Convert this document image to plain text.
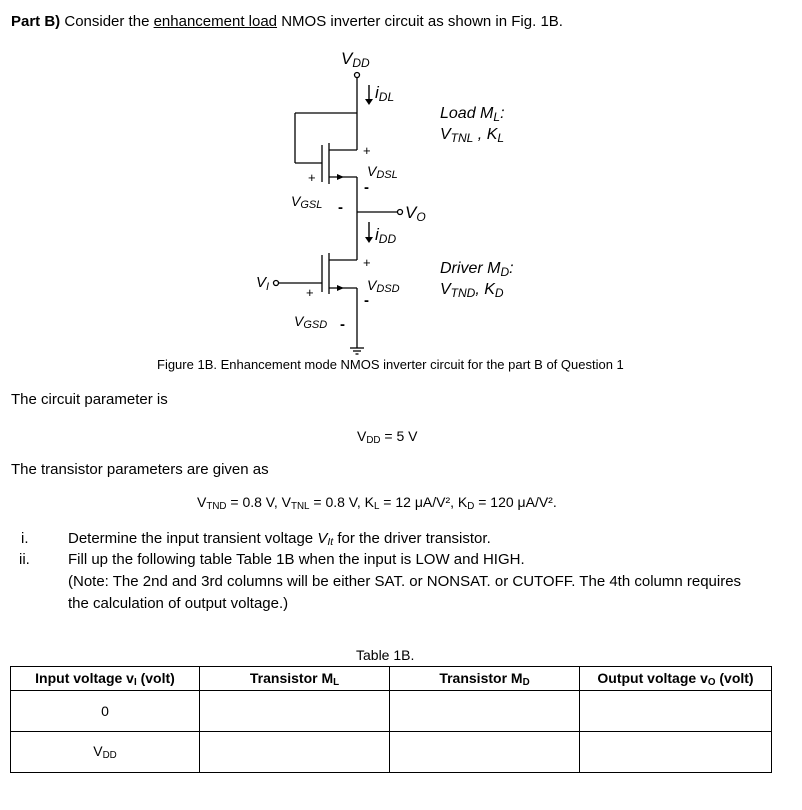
Part B) Consider the enhancement load NMOS inverter circuit as shown in Fig. 1B.
VDD
iDL
+
VDSL
-
+
VGSL -	VO
iDD
+
VDSD
-
$V_I$	+
VGSD -
Load ML:
VTNL , KL
Driver MD:
VTND, KD
Figure 1B. Enhancement mode NMOS inverter circuit for the part B of Question 1
The circuit parameter is
$V_{DD} = 5$ V
The transistor parameters are given as
$V_{TND} = 0.8$ V, $V_{TNL} = 0.8$ V, $K_L = 12$ μA/V², $K_D = 120$ μA/V².
i.	Determine the input transient voltage $V_{It}$ for the driver transistor.
ii.	Fill up the following table Table 1B when the input is LOW and HIGH.
(Note: The 2nd and 3rd columns will be either SAT. or NONSAT. or CUTOFF. The 4th column requires
the calculation of output voltage.)
Table 1B.
Input voltage $v_I$ (volt)	Transistor $M_L$	Transistor $M_D$	Output voltage $v_O$ (volt)
0			
$V_{DD}$			
